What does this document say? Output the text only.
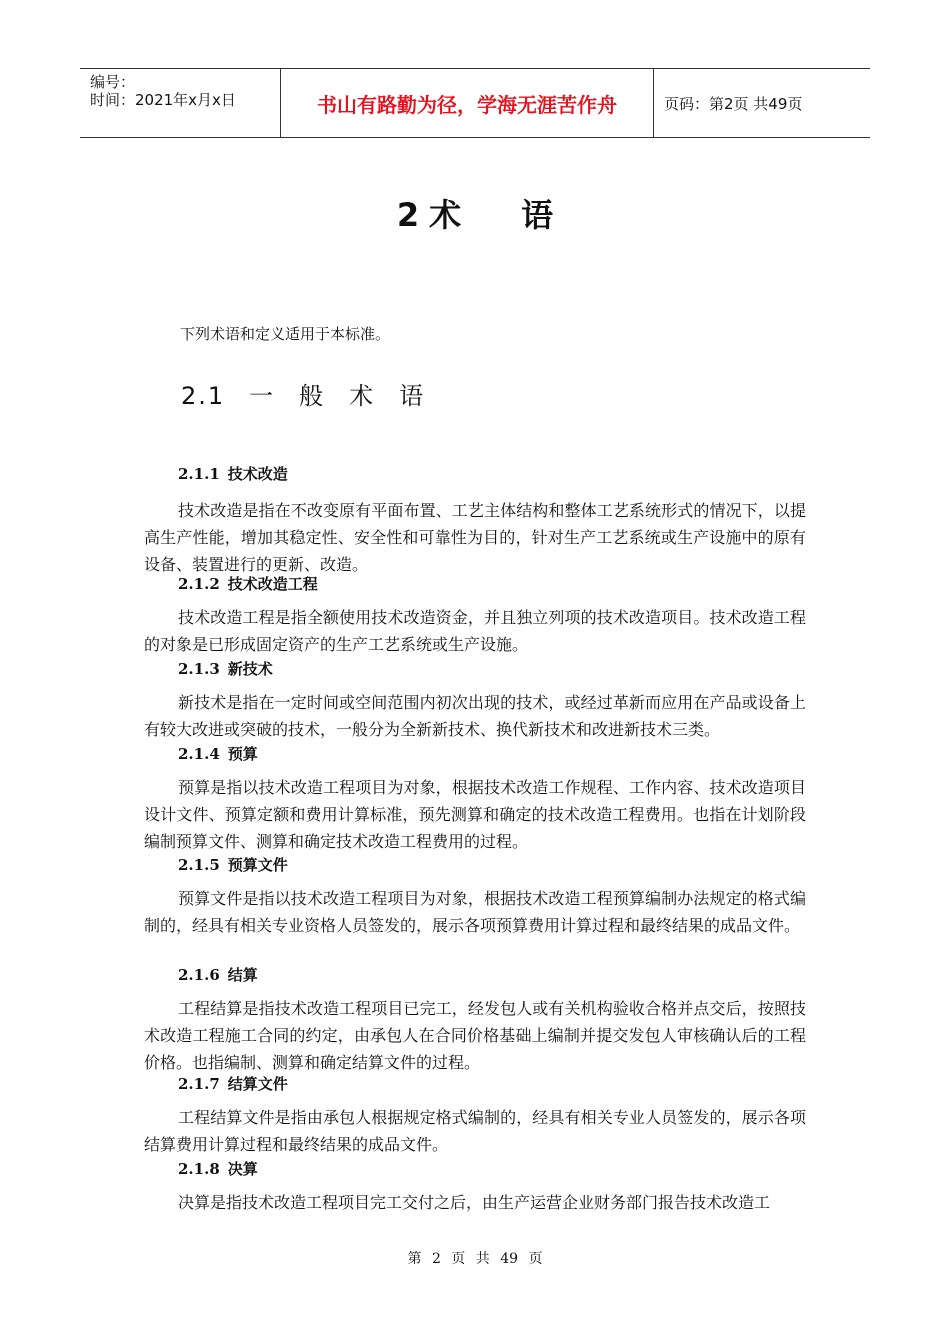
编号：
时间：2021年x月x日	书山有路勤为径，学海无涯苦作舟	页码：第2页 共49页
2 术 语
下列术语和定义适用于本标准。
2.1 一 般 术 语
2.1.1 技术改造
技术改造是指在不改变原有平面布置、工艺主体结构和整体工艺系统形式的情况下，以提高生产性能，增加其稳定性、安全性和可靠性为目的，针对生产工艺系统或生产设施中的原有设备、装置进行的更新、改造。
2.1.2 技术改造工程
技术改造工程是指全额使用技术改造资金，并且独立列项的技术改造项目。技术改造工程的对象是已形成固定资产的生产工艺系统或生产设施。
2.1.3 新技术
新技术是指在一定时间或空间范围内初次出现的技术，或经过革新而应用在产品或设备上有较大改进或突破的技术，一般分为全新新技术、换代新技术和改进新技术三类。
2.1.4 预算
预算是指以技术改造工程项目为对象，根据技术改造工作规程、工作内容、技术改造项目设计文件、预算定额和费用计算标准，预先测算和确定的技术改造工程费用。也指在计划阶段编制预算文件、测算和确定技术改造工程费用的过程。
2.1.5 预算文件
预算文件是指以技术改造工程项目为对象，根据技术改造工程预算编制办法规定的格式编制的，经具有相关专业资格人员签发的，展示各项预算费用计算过程和最终结果的成品文件。
2.1.6 结算
工程结算是指技术改造工程项目已完工，经发包人或有关机构验收合格并点交后，按照技术改造工程施工合同的约定，由承包人在合同价格基础上编制并提交发包人审核确认后的工程价格。也指编制、测算和确定结算文件的过程。
2.1.7 结算文件
工程结算文件是指由承包人根据规定格式编制的，经具有相关专业人员签发的，展示各项结算费用计算过程和最终结果的成品文件。
2.1.8 决算
决算是指技术改造工程项目完工交付之后，由生产运营企业财务部门报告技术改造工
第 2 页 共 49 页
